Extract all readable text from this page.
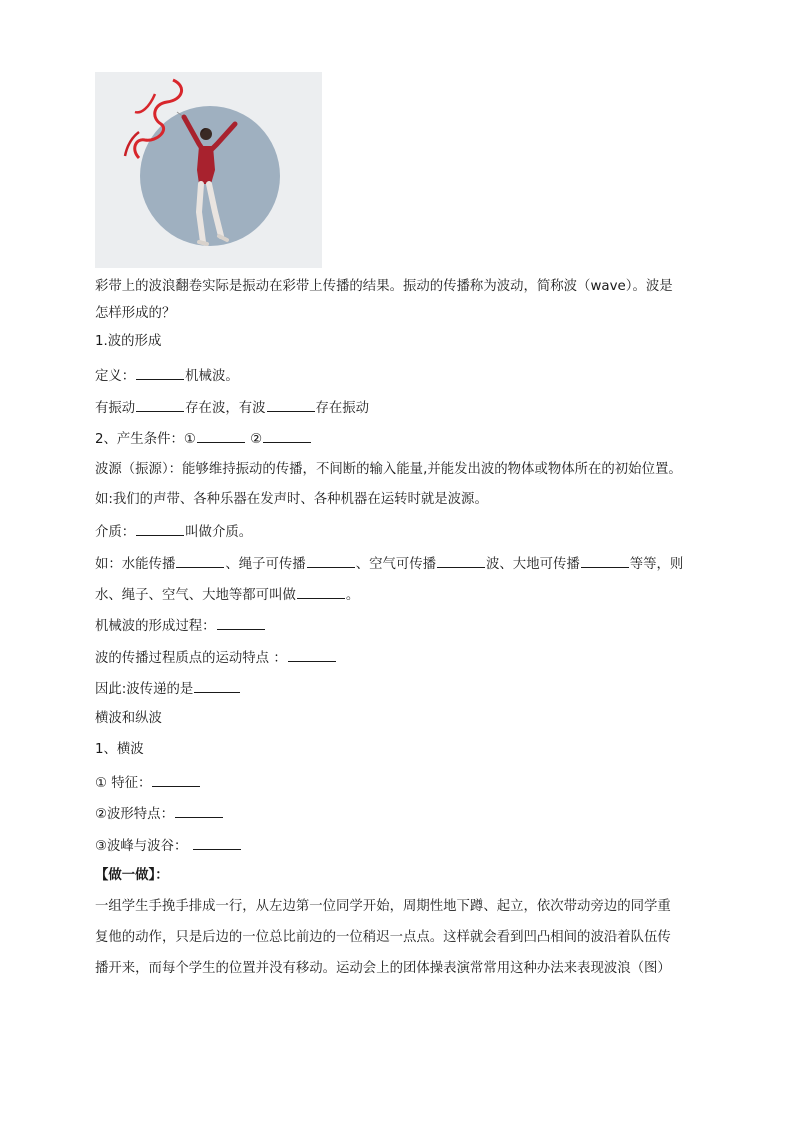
彩带上的波浪翻卷实际是振动在彩带上传播的结果。振动的传播称为波动，简称波（wave）。波是
怎样形成的？
1.波的形成
定义：	机械波。
有振动	存在波，有波	存在振动
2、产生条件：①	②
波源（振源）：能够维持振动的传播，不间断的输入能量,并能发出波的物体或物体所在的初始位置。
如:我们的声带、各种乐器在发声时、各种机器在运转时就是波源。
介质：	叫做介质。
如：水能传播	、绳子可传播	、空气可传播	波、大地可传播	等等，则
水、绳子、空气、大地等都可叫做	。
机械波的形成过程：
波的传播过程质点的运动特点 ：
因此:波传递的是
横波和纵波
1、横波
① 特征：
②波形特点：
③波峰与波谷：
【做一做】：
一组学生手挽手排成一行，从左边第一位同学开始，周期性地下蹲、起立，依次带动旁边的同学重
复他的动作，只是后边的一位总比前边的一位稍迟一点点。这样就会看到凹凸相间的波沿着队伍传
播开来，而每个学生的位置并没有移动。运动会上的团体操表演常常用这种办法来表现波浪（图）
